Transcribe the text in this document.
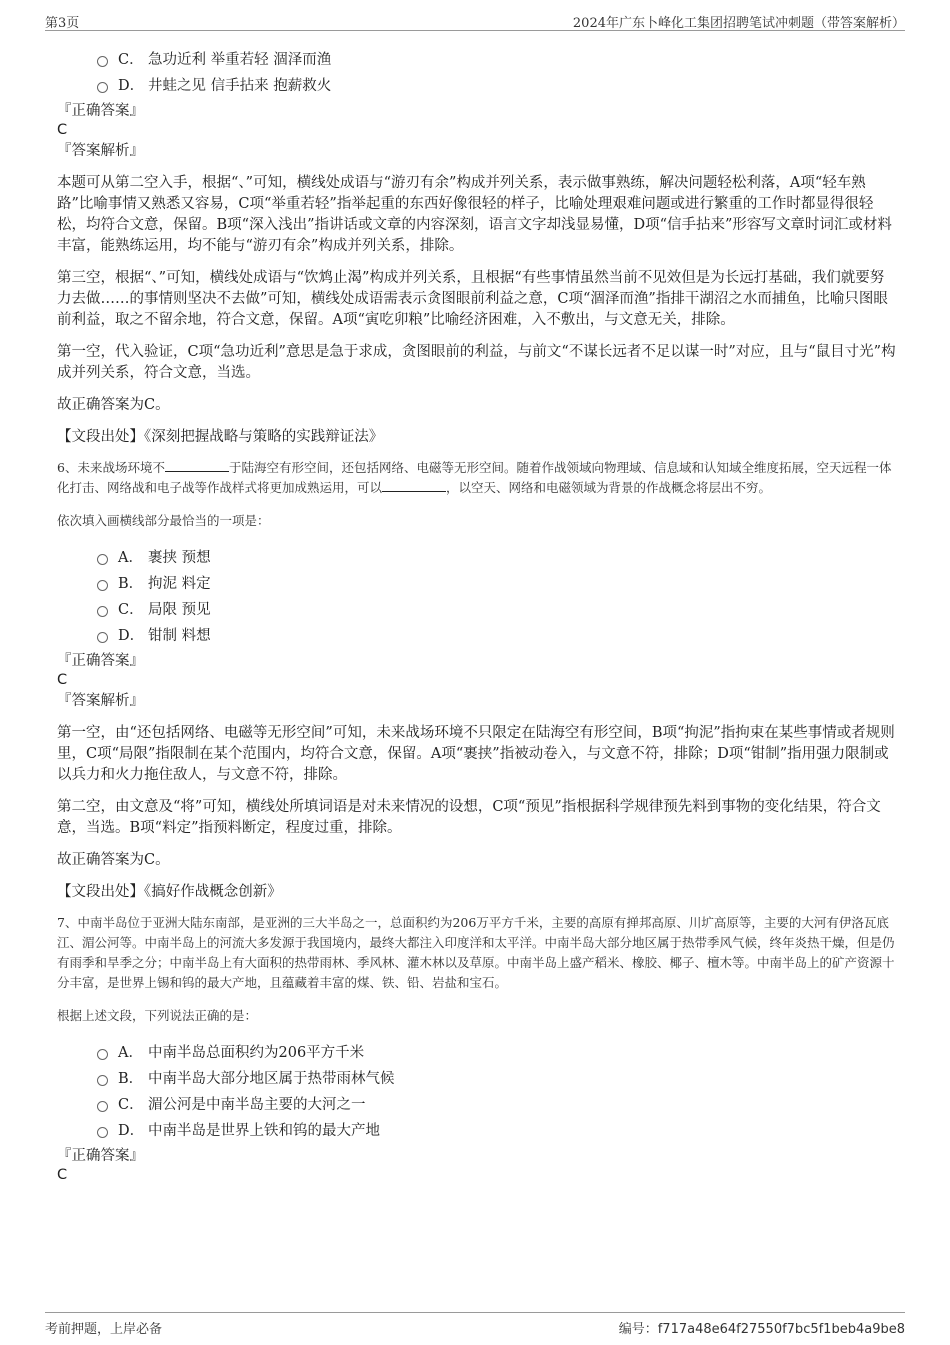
第3页	2024年广东卜峰化工集团招聘笔试冲刺题（带答案解析）
C． 急功近利 举重若轻 涸泽而渔
D． 井蛙之见 信手拈来 抱薪救火
『正确答案』
C
『答案解析』

本题可从第二空入手，根据“、”可知，横线处成语与“游刃有余”构成并列关系，表示做事熟练，解决问题轻松利落，A项“轻车熟路”比喻事情又熟悉又容易，C项“举重若轻”指举起重的东西好像很轻的样子，比喻处理艰难问题或进行繁重的工作时都显得很轻松，均符合文意，保留。B项“深入浅出”指讲话或文章的内容深刻，语言文字却浅显易懂，D项“信手拈来”形容写文章时词汇或材料丰富，能熟练运用，均不能与“游刃有余”构成并列关系，排除。

第三空，根据“、”可知，横线处成语与“饮鸩止渴”构成并列关系，且根据“有些事情虽然当前不见效但是为长远打基础，我们就要努力去做……的事情则坚决不去做”可知，横线处成语需表示贪图眼前利益之意，C项“涸泽而渔”指排干湖沼之水而捕鱼，比喻只图眼前利益，取之不留余地，符合文意，保留。A项“寅吃卯粮”比喻经济困难，入不敷出，与文意无关，排除。

第一空，代入验证，C项“急功近利”意思是急于求成，贪图眼前的利益，与前文“不谋长远者不足以谋一时”对应，且与“鼠目寸光”构成并列关系，符合文意，当选。

故正确答案为C。

【文段出处】《深刻把握战略与策略的实践辩证法》

6、未来战场环境不	于陆海空有形空间，还包括网络、电磁等无形空间。随着作战领域向物理域、信息域和认知域全维度拓展，空天远程一体化打击、网络战和电子战等作战样式将更加成熟运用，可以	，以空天、网络和电磁领域为背景的作战概念将层出不穷。

依次填入画横线部分最恰当的一项是：

A． 裹挟 预想
B． 拘泥 料定
C． 局限 预见
D． 钳制 料想
『正确答案』
C
『答案解析』

第一空，由“还包括网络、电磁等无形空间”可知，未来战场环境不只限定在陆海空有形空间，B项“拘泥”指拘束在某些事情或者规则里，C项“局限”指限制在某个范围内，均符合文意，保留。A项“裹挟”指被动卷入，与文意不符，排除；D项“钳制”指用强力限制或以兵力和火力拖住敌人，与文意不符，排除。

第二空，由文意及“将”可知，横线处所填词语是对未来情况的设想，C项“预见”指根据科学规律预先料到事物的变化结果，符合文意，当选。B项“料定”指预料断定，程度过重，排除。

故正确答案为C。

【文段出处】《搞好作战概念创新》

7、中南半岛位于亚洲大陆东南部，是亚洲的三大半岛之一，总面积约为206万平方千米，主要的高原有掸邦高原、川圹高原等，主要的大河有伊洛瓦底江、湄公河等。中南半岛上的河流大多发源于我国境内，最终大都注入印度洋和太平洋。中南半岛大部分地区属于热带季风气候，终年炎热干燥，但是仍有雨季和旱季之分；中南半岛上有大面积的热带雨林、季风林、灌木林以及草原。中南半岛上盛产稻米、橡胶、椰子、檀木等。中南半岛上的矿产资源十分丰富，是世界上锡和钨的最大产地，且蕴藏着丰富的煤、铁、铅、岩盐和宝石。

根据上述文段，下列说法正确的是：

A． 中南半岛总面积约为206平方千米
B． 中南半岛大部分地区属于热带雨林气候
C． 湄公河是中南半岛主要的大河之一
D． 中南半岛是世界上铁和钨的最大产地
『正确答案』
C
考前押题，上岸必备	编号：f717a48e64f27550f7bc5f1beb4a9be8
